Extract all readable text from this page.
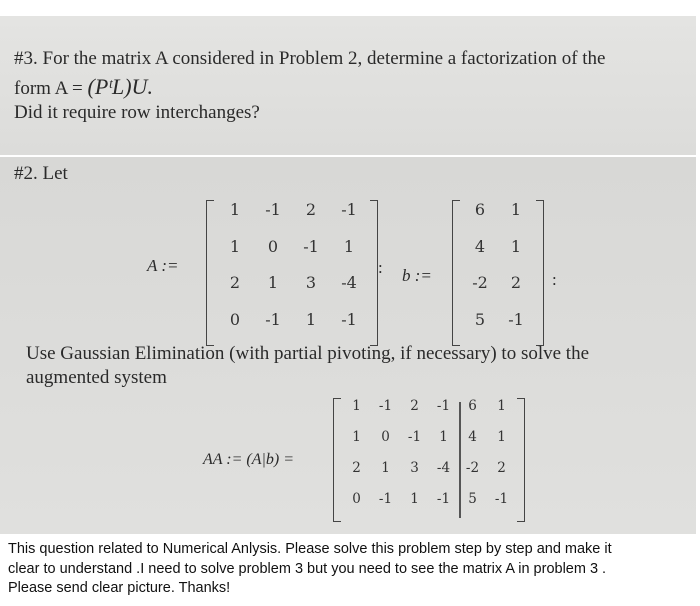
#3. For the matrix A considered in Problem 2, determine a factorization of the
form A = (PᵗL)U.
Did it require row interchanges?
#2. Let
A :=
1	-1	2	-1
1	0	-1	1
2	1	3	-4
0	-1	1	-1
: b :=
6	1
4	1
-2	2
5	-1
:
Use Gaussian Elimination (with partial pivoting, if necessary) to solve the
augmented system
AA := (A|b) =
1	-1	2	-1	6	1
1	0	-1	1	4	1
2	1	3	-4	-2	2
0	-1	1	-1	5	-1
This question related to Numerical Anlysis. Please solve this problem step by step and make it
clear to understand .I need to solve problem 3 but you need to see the matrix A in problem 3 .
Please send clear picture. Thanks!
